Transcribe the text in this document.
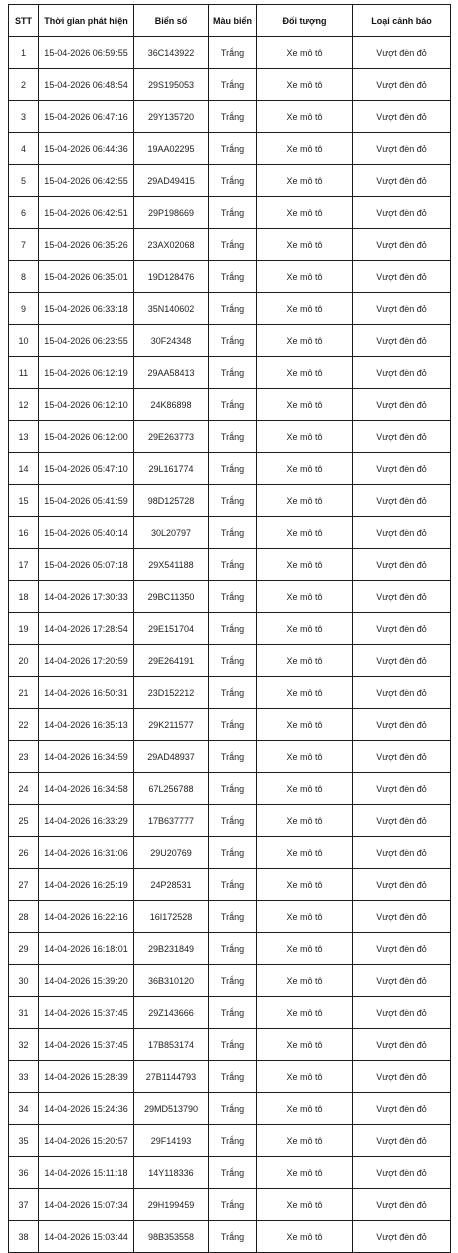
STT	Thời gian phát hiện	Biển số	Màu biển	Đối tượng	Loại cảnh báo
1	15-04-2026 06:59:55	36C143922	Trắng	Xe mô tô	Vượt đèn đỏ
2	15-04-2026 06:48:54	29S195053	Trắng	Xe mô tô	Vượt đèn đỏ
3	15-04-2026 06:47:16	29Y135720	Trắng	Xe mô tô	Vượt đèn đỏ
4	15-04-2026 06:44:36	19AA02295	Trắng	Xe mô tô	Vượt đèn đỏ
5	15-04-2026 06:42:55	29AD49415	Trắng	Xe mô tô	Vượt đèn đỏ
6	15-04-2026 06:42:51	29P198669	Trắng	Xe mô tô	Vượt đèn đỏ
7	15-04-2026 06:35:26	23AX02068	Trắng	Xe mô tô	Vượt đèn đỏ
8	15-04-2026 06:35:01	19D128476	Trắng	Xe mô tô	Vượt đèn đỏ
9	15-04-2026 06:33:18	35N140602	Trắng	Xe mô tô	Vượt đèn đỏ
10	15-04-2026 06:23:55	30F24348	Trắng	Xe mô tô	Vượt đèn đỏ
11	15-04-2026 06:12:19	29AA58413	Trắng	Xe mô tô	Vượt đèn đỏ
12	15-04-2026 06:12:10	24K86898	Trắng	Xe mô tô	Vượt đèn đỏ
13	15-04-2026 06:12:00	29E263773	Trắng	Xe mô tô	Vượt đèn đỏ
14	15-04-2026 05:47:10	29L161774	Trắng	Xe mô tô	Vượt đèn đỏ
15	15-04-2026 05:41:59	98D125728	Trắng	Xe mô tô	Vượt đèn đỏ
16	15-04-2026 05:40:14	30L20797	Trắng	Xe mô tô	Vượt đèn đỏ
17	15-04-2026 05:07:18	29X541188	Trắng	Xe mô tô	Vượt đèn đỏ
18	14-04-2026 17:30:33	29BC11350	Trắng	Xe mô tô	Vượt đèn đỏ
19	14-04-2026 17:28:54	29E151704	Trắng	Xe mô tô	Vượt đèn đỏ
20	14-04-2026 17:20:59	29E264191	Trắng	Xe mô tô	Vượt đèn đỏ
21	14-04-2026 16:50:31	23D152212	Trắng	Xe mô tô	Vượt đèn đỏ
22	14-04-2026 16:35:13	29K211577	Trắng	Xe mô tô	Vượt đèn đỏ
23	14-04-2026 16:34:59	29AD48937	Trắng	Xe mô tô	Vượt đèn đỏ
24	14-04-2026 16:34:58	67L256788	Trắng	Xe mô tô	Vượt đèn đỏ
25	14-04-2026 16:33:29	17B637777	Trắng	Xe mô tô	Vượt đèn đỏ
26	14-04-2026 16:31:06	29U20769	Trắng	Xe mô tô	Vượt đèn đỏ
27	14-04-2026 16:25:19	24P28531	Trắng	Xe mô tô	Vượt đèn đỏ
28	14-04-2026 16:22:16	16I172528	Trắng	Xe mô tô	Vượt đèn đỏ
29	14-04-2026 16:18:01	29B231849	Trắng	Xe mô tô	Vượt đèn đỏ
30	14-04-2026 15:39:20	36B310120	Trắng	Xe mô tô	Vượt đèn đỏ
31	14-04-2026 15:37:45	29Z143666	Trắng	Xe mô tô	Vượt đèn đỏ
32	14-04-2026 15:37:45	17B853174	Trắng	Xe mô tô	Vượt đèn đỏ
33	14-04-2026 15:28:39	27B1144793	Trắng	Xe mô tô	Vượt đèn đỏ
34	14-04-2026 15:24:36	29MD513790	Trắng	Xe mô tô	Vượt đèn đỏ
35	14-04-2026 15:20:57	29F14193	Trắng	Xe mô tô	Vượt đèn đỏ
36	14-04-2026 15:11:18	14Y118336	Trắng	Xe mô tô	Vượt đèn đỏ
37	14-04-2026 15:07:34	29H199459	Trắng	Xe mô tô	Vượt đèn đỏ
38	14-04-2026 15:03:44	98B353558	Trắng	Xe mô tô	Vượt đèn đỏ
